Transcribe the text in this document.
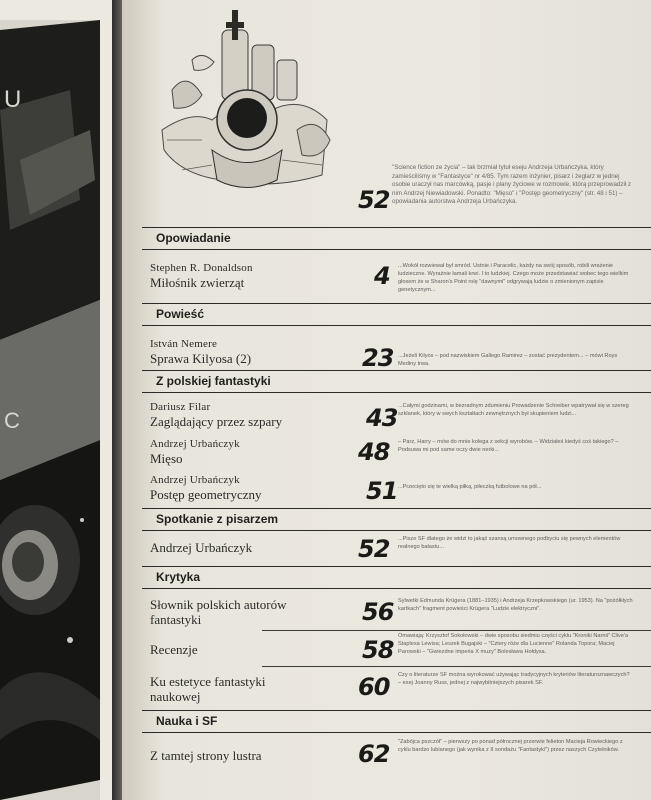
U
C
52
"Science fiction ze życia" – tak brzmiał tytuł eseju Andrzeja Urbańczyka, który zamieściliśmy w "Fantastyce" nr 4/85. Tym razem inżynier, pisarz i żeglarz w jednej osobie uraczył nas marcówką, pasje i plany życiowe w rozmowie, którą przeprowadził z nim Andrzej Niewiadowski. Ponadto: "Mięso" i "Postęp geometryczny" (str. 48 i 51) – opowiadania autorstwa Andrzeja Urbańczyka.
Opowiadanie
Stephen R. Donaldson
Miłośnik zwierząt	4 ...Wokół rozwiewał był smród. Ustnie i Paracelic, każdy na swój sposób, robili wrażenie ludzieczne. Wyraźnie łamali krwi. I to ludzkiej. Czego może przedstawiać wobec tego wielkim głosem że w Sharon's Point rolę "dawnymi" odgrywają ludzie o zmienionym zapisie genetycznym...
Powieść
István Nemere
Sprawa Kilyosa (2)	23 ...Jeżeli Kilyos – pod nazwiskiem Gallego Ramirez – zostać prezydentem... – mówi Roys Mediny trwa.
Z polskiej fantastyki
Dariusz Filar
Zaglądający przez szpary	43 ...Całymi godzinami, w bezradnym zdumieniu Prowadzenie Schreiber wpatrywał się w szereg szklanek, który w swych kształtach zewnętrznych był skupieniem ludzi...
Andrzej Urbańczyk
Mięso	48 – Parz, Harry – mów do mnie kolega z sekcji wyrobów. – Widziałeś kiedyś coś takiego? – Podsuwa mi pod same oczy dwie nerki...
Andrzej Urbańczyk
Postęp geometryczny	51 ...Przecięto się te wielką piłką, piłeczką futbolowe na pół...
Spotkanie z pisarzem
Andrzej Urbańczyk	52 ...Pisze SF dlatego że widzi to jakąś szansą umownego podbyciu się pewnych elementów realnego bałastu...
Krytyka
Słownik polskich autorów fantastyki	56 Sylwetki Edmunda Krügera (1881–1935) i Andrzeja Krzepkowskiego (ur. 1953). Na "pożółkłych kartkach" fragment powieści Krügera "Ludzie elektryczni".
Recenzje	58 Omawiają: Krzysztof Sokołowski – dwie sposobu siedmiu części cyklu "Kroniki Narnii" Clive'a Staplesa Lewisa; Leszek Bugajski – "Cztery róże dla Lucienne" Rolanda Topora; Maciej Parowski – "Gwiezdne imperia X muzy" Bolesława Hołdysa.
Ku estetyce fantastyki naukowej	60 Czy o literaturze SF można wyrokować używając tradycyjnych kryteriów literaturoznawczych? – esej Joanny Russ, jednej z najwybitniejszych pisarek SF.
Nauka i SF
Z tamtej strony lustra	62 "Zabójca pszczół" – pierwszy po ponad półrocznej przerwie felieton Macieja Rowieckiego z cyklu bardzo lubianego (jak wynika z II sondażu "Fantastyki") przez naszych Czytelników.
